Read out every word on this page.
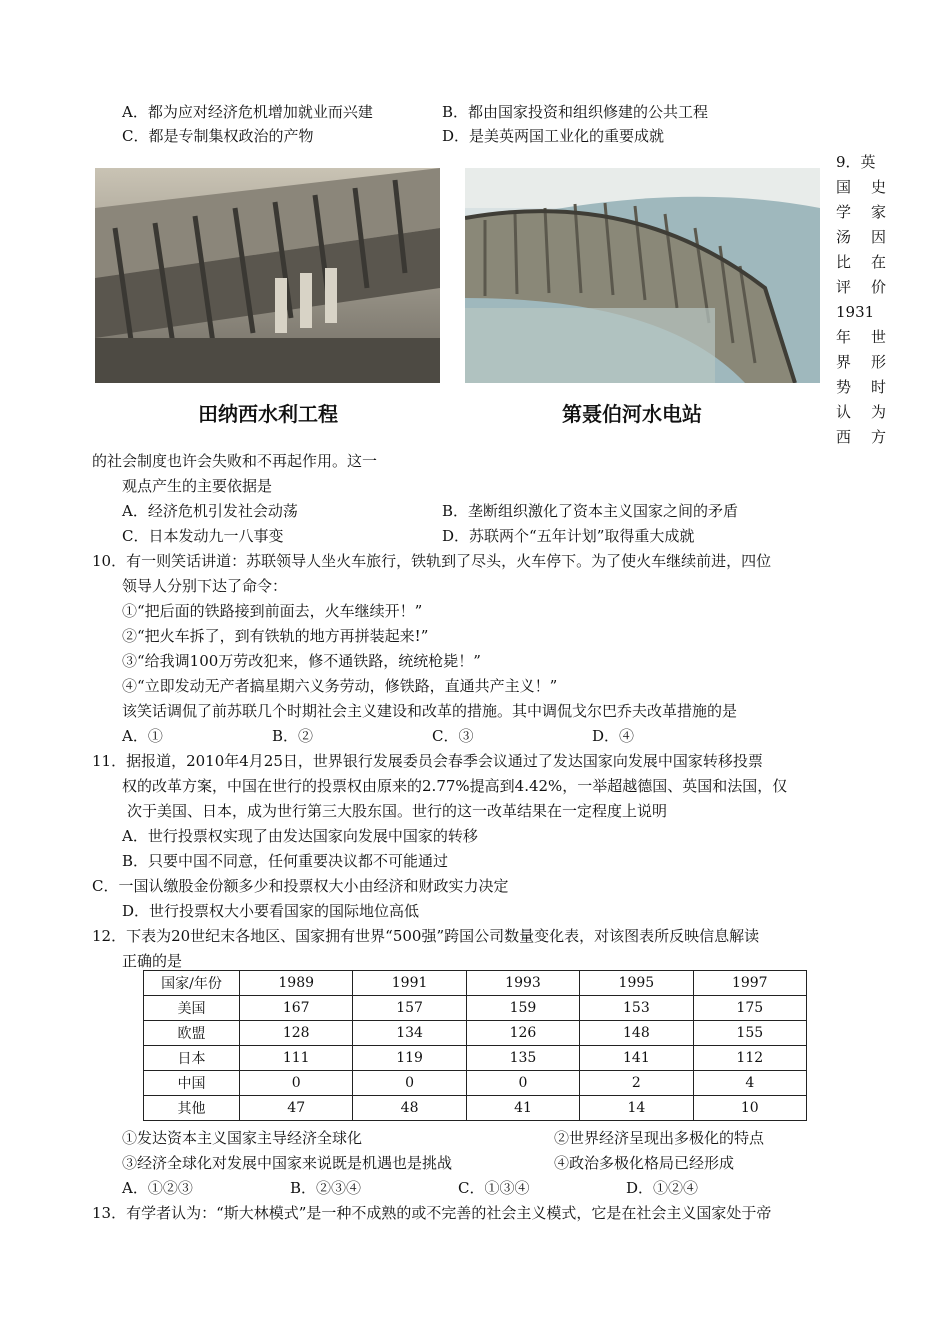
A．都为应对经济危机增加就业而兴建	B．都由国家投资和组织修建的公共工程
C．都是专制集权政治的产物	D．是美英两国工业化的重要成就
田纳西水利工程	第聂伯河水电站
9．英
国 史
学 家
汤 因
比 在
评 价
1931
年 世
界 形
势 时
认 为
西 方
的社会制度也许会失败和不再起作用。这一
观点产生的主要依据是
A．经济危机引发社会动荡	B．垄断组织激化了资本主义国家之间的矛盾
C．日本发动九一八事变	D．苏联两个“五年计划”取得重大成就
10．有一则笑话讲道：苏联领导人坐火车旅行，铁轨到了尽头，火车停下。为了使火车继续前进，四位
领导人分别下达了命令：
①“把后面的铁路接到前面去，火车继续开！”
②“把火车拆了，到有铁轨的地方再拼装起来!”
③“给我调100万劳改犯来，修不通铁路，统统枪毙！”
④“立即发动无产者搞星期六义务劳动，修铁路，直通共产主义！”
该笑话调侃了前苏联几个时期社会主义建设和改革的措施。其中调侃戈尔巴乔夫改革措施的是
A．①	B．②	C．③	D．④
11．据报道，2010年4月25日，世界银行发展委员会春季会议通过了发达国家向发展中国家转移投票
权的改革方案，中国在世行的投票权由原来的2.77%提高到4.42%，一举超越德国、英国和法国，仅
次于美国、日本，成为世行第三大股东国。世行的这一改革结果在一定程度上说明
A．世行投票权实现了由发达国家向发展中国家的转移
B．只要中国不同意，任何重要决议都不可能通过
C．一国认缴股金份额多少和投票权大小由经济和财政实力决定
D．世行投票权大小要看国家的国际地位高低
12．下表为20世纪末各地区、国家拥有世界“500强”跨国公司数量变化表，对该图表所反映信息解读
正确的是
国家/年份	1989	1991	1993	1995	1997
美国	167	157	159	153	175
欧盟	128	134	126	148	155
日本	111	119	135	141	112
中国	0	0	0	2	4
其他	47	48	41	14	10
①发达资本主义国家主导经济全球化	②世界经济呈现出多极化的特点
③经济全球化对发展中国家来说既是机遇也是挑战	④政治多极化格局已经形成
A．①②③	B．②③④	C．①③④	D．①②④
13．有学者认为：“斯大林模式”是一种不成熟的或不完善的社会主义模式，它是在社会主义国家处于帝
